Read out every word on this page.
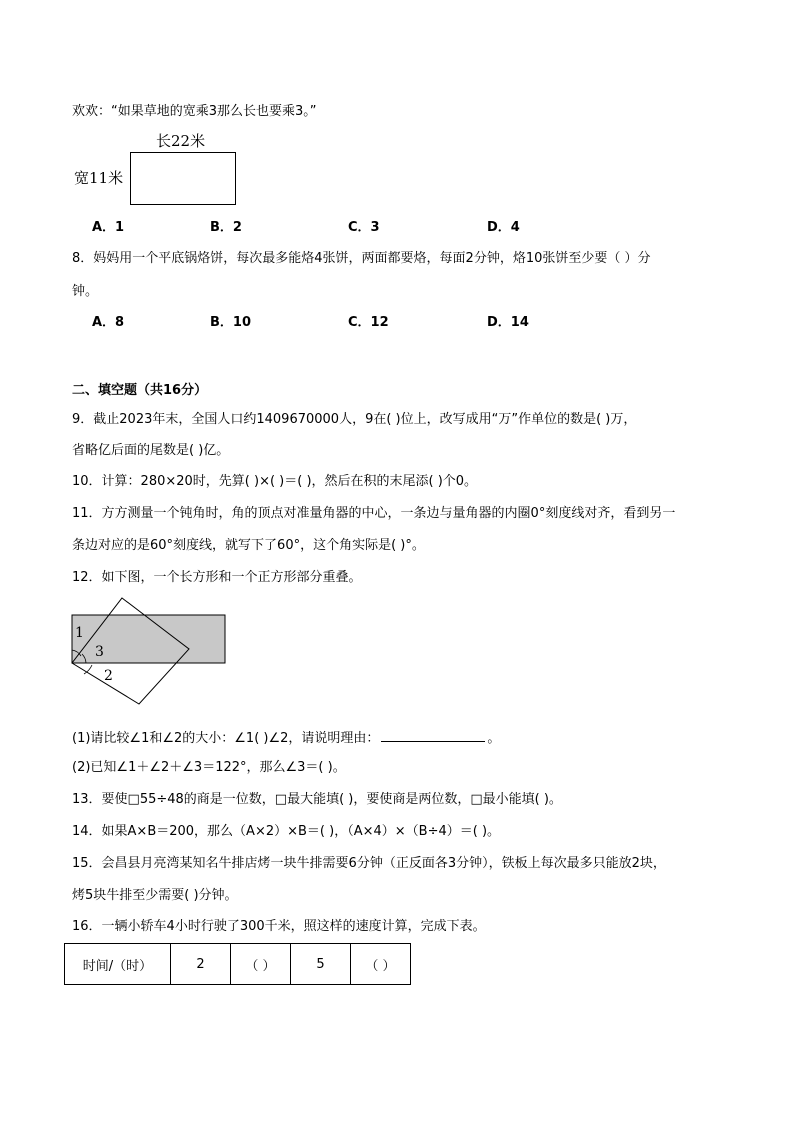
欢欢：“如果草地的宽乘3那么长也要乘3。”
长22米
宽11米
A．1	B．2	C．3	D．4
8．妈妈用一个平底锅烙饼，每次最多能烙4张饼，两面都要烙，每面2分钟，烙10张饼至少要（ ）分
钟。
A．8	B．10	C．12	D．14
二、填空题（共16分）
9．截止2023年末，全国人口约1409670000人，9在( )位上，改写成用“万”作单位的数是( )万，
省略亿后面的尾数是( )亿。
10．计算：280×20时，先算( )×( )＝( )，然后在积的末尾添( )个0。
11．方方测量一个钝角时，角的顶点对准量角器的中心，一条边与量角器的内圈0°刻度线对齐，看到另一
条边对应的是60°刻度线，就写下了60°，这个角实际是( )°。
12．如下图，一个长方形和一个正方形部分重叠。
1
3
2
(1)请比较∠1和∠2的大小：∠1( )∠2，请说明理由：	。
(2)已知∠1＋∠2＋∠3＝122°，那么∠3＝( )。
13．要使□55÷48的商是一位数，□最大能填( )，要使商是两位数，□最小能填( )。
14．如果A×B＝200，那么（A×2）×B＝( )，（A×4）×（B÷4）＝( )。
15．会昌县月亮湾某知名牛排店烤一块牛排需要6分钟（正反面各3分钟），铁板上每次最多只能放2块，
烤5块牛排至少需要( )分钟。
16．一辆小轿车4小时行驶了300千米，照这样的速度计算，完成下表。
时间/（时）	2	（ ）	5	（ ）
